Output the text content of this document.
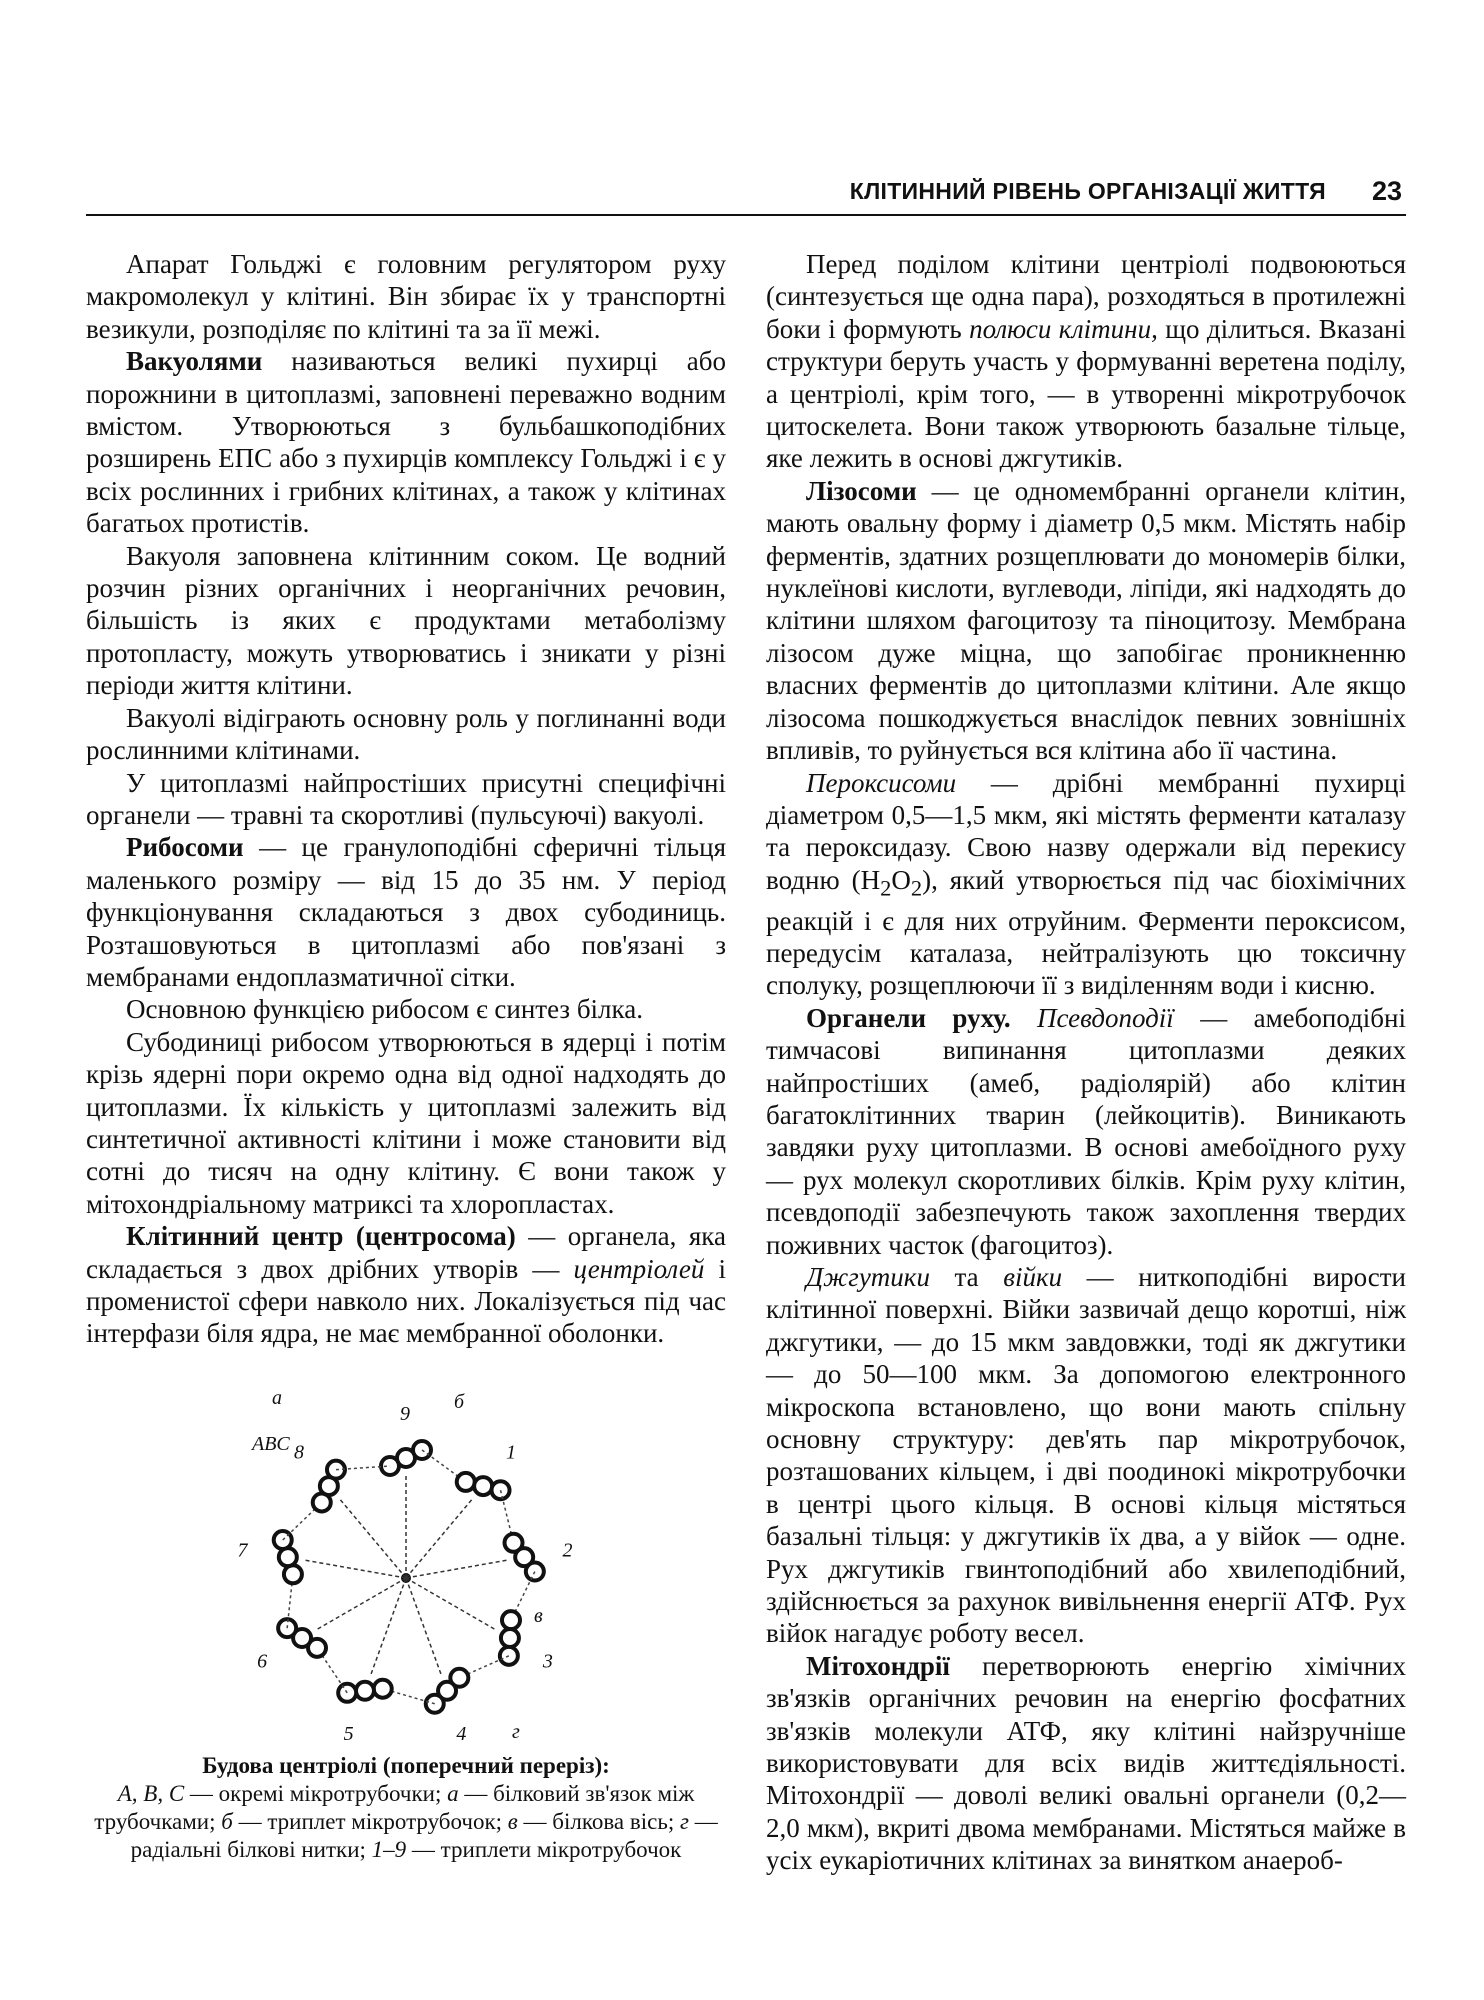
КЛІТИННИЙ РІВЕНЬ ОРГАНІЗАЦІЇ ЖИТТЯ 23

Апарат Гольджі є головним регулятором руху макромолекул у клітині. Він збирає їх у транспортні везикули, розподіляє по клітині та за її межі.

Вакуолями називаються великі пухирці або порожнини в цитоплазмі, заповнені переважно водним вмістом. Утворюються з бульбашкоподібних розширень ЕПС або з пухирців комплексу Гольджі і є у всіх рослинних і грибних клітинах, а також у клітинах багатьох протистів.

Вакуоля заповнена клітинним соком. Це водний розчин різних органічних і неорганічних речовин, більшість із яких є продуктами метаболізму протопласту, можуть утворюватись і зникати у різні періоди життя клітини.

Вакуолі відіграють основну роль у поглинанні води рослинними клітинами.

У цитоплазмі найпростіших присутні специфічні органели — травні та скоротливі (пульсуючі) вакуолі.

Рибосоми — це гранулоподібні сферичні тільця маленького розміру — від 15 до 35 нм. У період функціонування складаються з двох субодиниць. Розташовуються в цитоплазмі або пов'язані з мембранами ендоплазматичної сітки.

Основною функцією рибосом є синтез білка.

Субодиниці рибосом утворюються в ядерці і потім крізь ядерні пори окремо одна від одної надходять до цитоплазми. Їх кількість у цитоплазмі залежить від синтетичної активності клітини і може становити від сотні до тисяч на одну клітину. Є вони також у мітохондріальному матриксі та хлоропластах.

Клітинний центр (центросома) — органела, яка складається з двох дрібних утворів — центріолей і променистої сфери навколо них. Локалізується під час інтерфази біля ядра, не має мембранної оболонки.

9
1
2
3
4
5
6
7
8
а	б
в
г
ABC
Будова центріолі (поперечний переріз):
A, B, C — окремі мікротрубочки; а — білковий зв'язок між трубочками; б — триплет мікротрубочок; в — білкова вісь; г — радіальні білкові нитки; 1–9 — триплети мікротрубочок

Перед поділом клітини центріолі подвоюються (синтезується ще одна пара), розходяться в протилежні боки і формують полюси клітини, що ділиться. Вказані структури беруть участь у формуванні веретена поділу, а центріолі, крім того, — в утворенні мікротрубочок цитоскелета. Вони також утворюють базальне тільце, яке лежить в основі джгутиків.

Лізосоми — це одномембранні органели клітин, мають овальну форму і діаметр 0,5 мкм. Містять набір ферментів, здатних розщеплювати до мономерів білки, нуклеїнові кислоти, вуглеводи, ліпіди, які надходять до клітини шляхом фагоцитозу та піноцитозу. Мембрана лізосом дуже міцна, що запобігає проникненню власних ферментів до цитоплазми клітини. Але якщо лізосома пошкоджується внаслідок певних зовнішніх впливів, то руйнується вся клітина або її частина.

Пероксисоми — дрібні мембранні пухирці діаметром 0,5—1,5 мкм, які містять ферменти каталазу та пероксидазу. Свою назву одержали від перекису водню $(H_2O_2)$, який утворюється під час біохімічних реакцій і є для них отруйним. Ферменти пероксисом, передусім каталаза, нейтралізують цю токсичну сполуку, розщеплюючи її з виділенням води і кисню.

Органели руху. Псевдоподії — амебоподібні тимчасові випинання цитоплазми деяких найпростіших (амеб, радіолярій) або клітин багатоклітинних тварин (лейкоцитів). Виникають завдяки руху цитоплазми. В основі амебоїдного руху — рух молекул скоротливих білків. Крім руху клітин, псевдоподії забезпечують також захоплення твердих поживних часток (фагоцитоз).

Джгутики та війки — ниткоподібні вирости клітинної поверхні. Війки зазвичай дещо коротші, ніж джгутики, — до 15 мкм завдовжки, тоді як джгутики — до 50—100 мкм. За допомогою електронного мікроскопа встановлено, що вони мають спільну основну структуру: дев'ять пар мікротрубочок, розташованих кільцем, і дві поодинокі мікротрубочки в центрі цього кільця. В основі кільця містяться базальні тільця: у джгутиків їх два, а у війок — одне. Рух джгутиків гвинтоподібний або хвилеподібний, здійснюється за рахунок вивільнення енергії АТФ. Рух війок нагадує роботу весел.

Мітохондрії перетворюють енергію хімічних зв'язків органічних речовин на енергію фосфатних зв'язків молекули АТФ, яку клітині найзручніше використовувати для всіх видів життєдіяльності. Мітохондрії — доволі великі овальні органели (0,2—2,0 мкм), вкриті двома мембранами. Містяться майже в усіх еукаріотичних клітинах за винятком анаероб-
